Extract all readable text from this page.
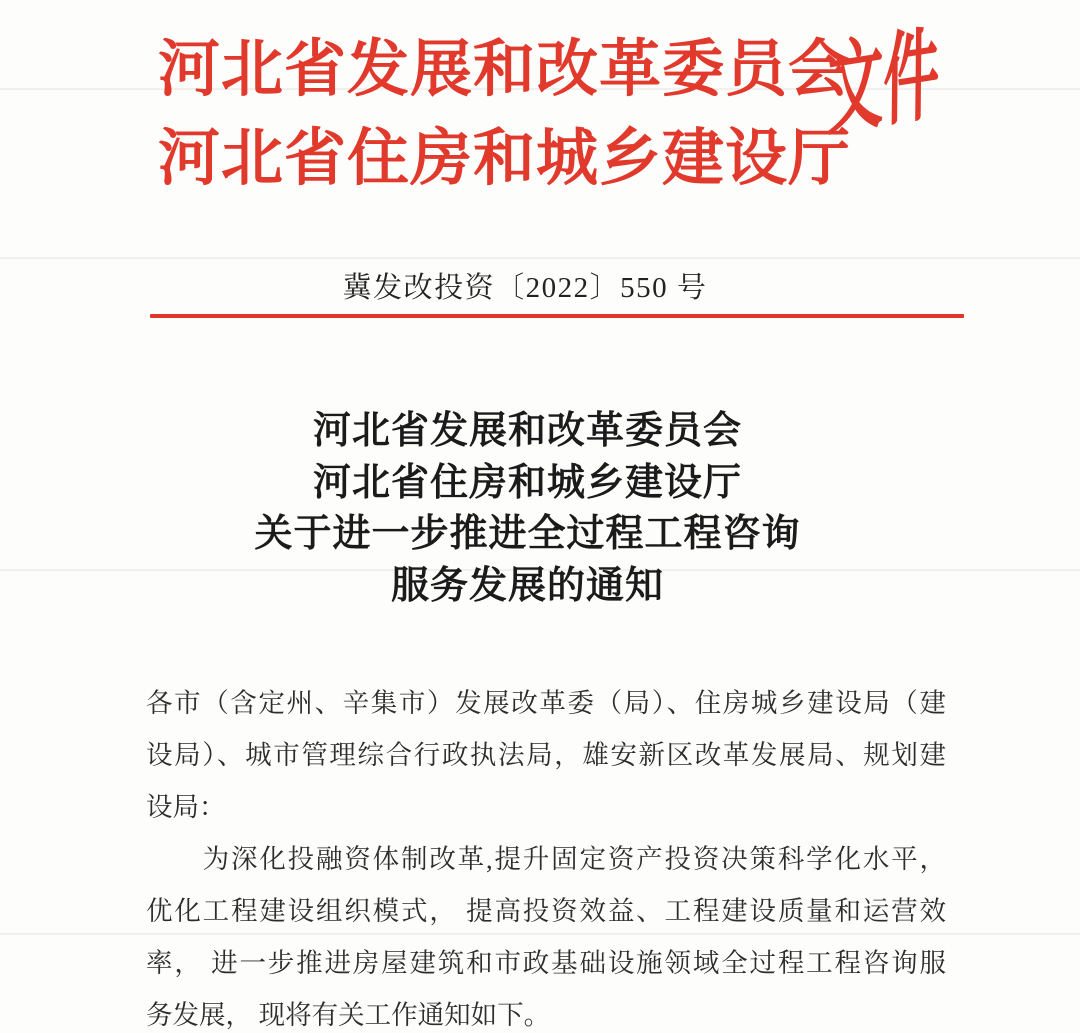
河北省发展和改革委员会
河北省住房和城乡建设厅
文件
冀发改投资〔2022〕550 号
河北省发展和改革委员会
河北省住房和城乡建设厅
关于进一步推进全过程工程咨询
服务发展的通知
各市（含定州、辛集市）发展改革委（局）、住房城乡建设局（建
设局）、城市管理综合行政执法局，雄安新区改革发展局、规划建
设局：
　　为深化投融资体制改革,提升固定资产投资决策科学化水平，
优化工程建设组织模式， 提高投资效益、工程建设质量和运营效
率， 进一步推进房屋建筑和市政基础设施领域全过程工程咨询服
务发展， 现将有关工作通知如下。
